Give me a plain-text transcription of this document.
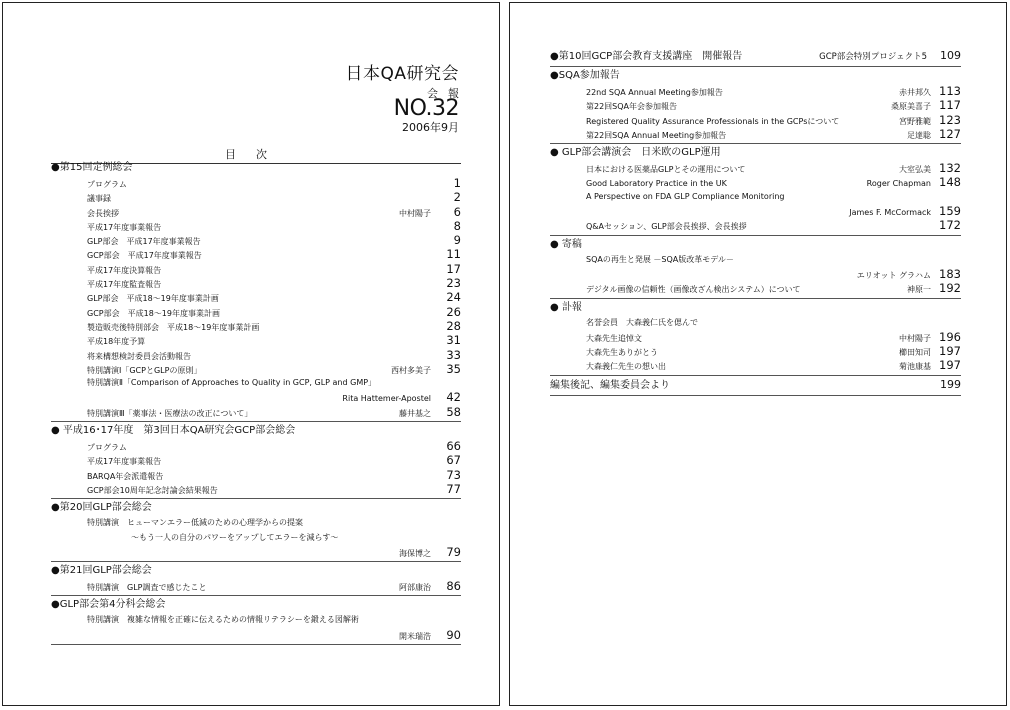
日本QA研究会
会報
NO.32
2006年9月
目次
●第15回定例総会
プログラム	1
議事録	2
会長挨拶	中村陽子	6
平成17年度事業報告	8
GLP部会　平成17年度事業報告	9
GCP部会　平成17年度事業報告	11
平成17年度決算報告	17
平成17年度監査報告	23
GLP部会　平成18～19年度事業計画	24
GCP部会　平成18～19年度事業計画	26
製造販売後特別部会　平成18～19年度事業計画	28
平成18年度予算	31
将来構想検討委員会活動報告	33
特別講演Ⅰ「GCPとGLPの原則」	西村多美子	35
特別講演Ⅱ「Comparison of Approaches to Quality in GCP, GLP and GMP」
Rita Hattemer-Apostel	42
特別講演Ⅲ「薬事法・医療法の改正について」	藤井基之	58
● 平成16･17年度　第3回日本QA研究会GCP部会総会
プログラム	66
平成17年度事業報告	67
BARQA年会派遣報告	73
GCP部会10周年記念討論会結果報告	77
●第20回GLP部会総会
特別講演　ヒューマンエラー低減のための心理学からの提案
～もう一人の自分のパワーをアップしてエラーを減らす～
海保博之	79
●第21回GLP部会総会
特別講演　GLP調査で感じたこと	阿部康治	86
●GLP部会第4分科会総会
特別講演　複雑な情報を正確に伝えるための情報リテラシーを鍛える図解術
開米瑞浩	90
●第10回GCP部会教育支援講座　開催報告	GCP部会特別プロジェクト5	109
●SQA参加報告
22nd SQA Annual Meeting参加報告	赤井邦久 113
第22回SQA年会参加報告	桑原美喜子 117
Registered Quality Assurance Professionals in the GCPsについて	宮野雅範 123
第22回SQA Annual Meeting参加報告	足達聡 127
● GLP部会講演会　日米欧のGLP運用
日本における医薬品GLPとその運用について	大室弘美 132
Good Laboratory Practice in the UK	Roger Chapman 148
A Perspective on FDA GLP Compliance Monitoring
James F. McCormack 159
Q&Aセッション、GLP部会長挨拶、会長挨拶	172
● 寄稿
SQAの再生と発展 －SQA版改革モデル－
エリオット グラハム 183
デジタル画像の信頼性（画像改ざん検出システム）について	神原一 192
● 訃報
名誉会員　大森義仁氏を偲んで
大森先生追悼文	中村陽子 196
大森先生ありがとう	櫛田知司 197
大森義仁先生の想い出	菊池康基 197
編集後記、編集委員会より	199
